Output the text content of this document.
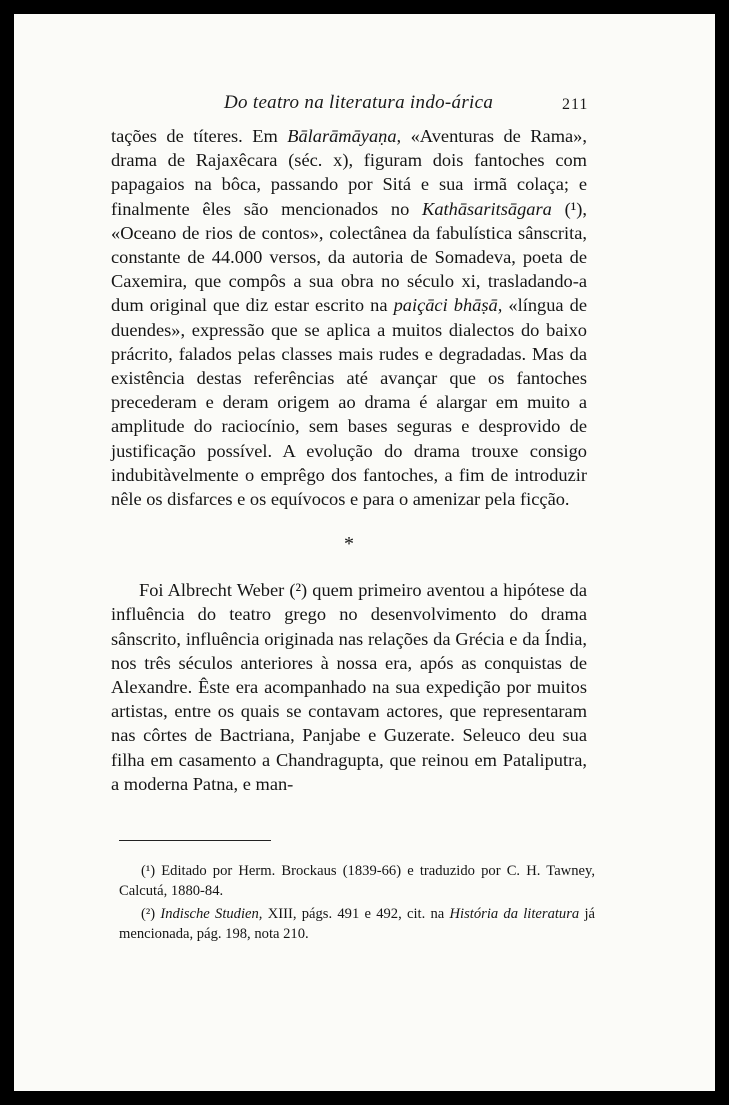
Do teatro na literatura indo-árica	211

tações de títeres. Em Bālarāmāyaṇa, «Aventuras de Rama», drama de Rajaxêcara (séc. x), figuram dois fantoches com papagaios na bôca, passando por Sitá e sua irmã colaça; e finalmente êles são mencionados no Kathāsaritsāgara (¹), «Oceano de rios de contos», colectânea da fabulística sânscrita, constante de 44.000 versos, da autoria de Somadeva, poeta de Caxemira, que compôs a sua obra no século xi, trasladando-a dum original que diz estar escrito na paiçāci bhāṣā, «língua de duendes», expressão que se aplica a muitos dialectos do baixo prácrito, falados pelas classes mais rudes e degradadas. Mas da existência destas referências até avançar que os fantoches precederam e deram origem ao drama é alargar em muito a amplitude do raciocínio, sem bases seguras e desprovido de justificação possível. A evolução do drama trouxe consigo indubitàvelmente o emprêgo dos fantoches, a fim de introduzir nêle os disfarces e os equívocos e para o amenizar pela ficção.

*

Foi Albrecht Weber (²) quem primeiro aventou a hipótese da influência do teatro grego no desenvolvimento do drama sânscrito, influência originada nas relações da Grécia e da Índia, nos três séculos anteriores à nossa era, após as conquistas de Alexandre. Êste era acompanhado na sua expedição por muitos artistas, entre os quais se contavam actores, que representaram nas côrtes de Bactriana, Panjabe e Guzerate. Seleuco deu sua filha em casamento a Chandragupta, que reinou em Pataliputra, a moderna Patna, e man-

(¹) Editado por Herm. Brockaus (1839-66) e traduzido por C. H. Tawney, Calcutá, 1880-84.

(²) Indische Studien, XIII, págs. 491 e 492, cit. na História da literatura já mencionada, pág. 198, nota 210.
